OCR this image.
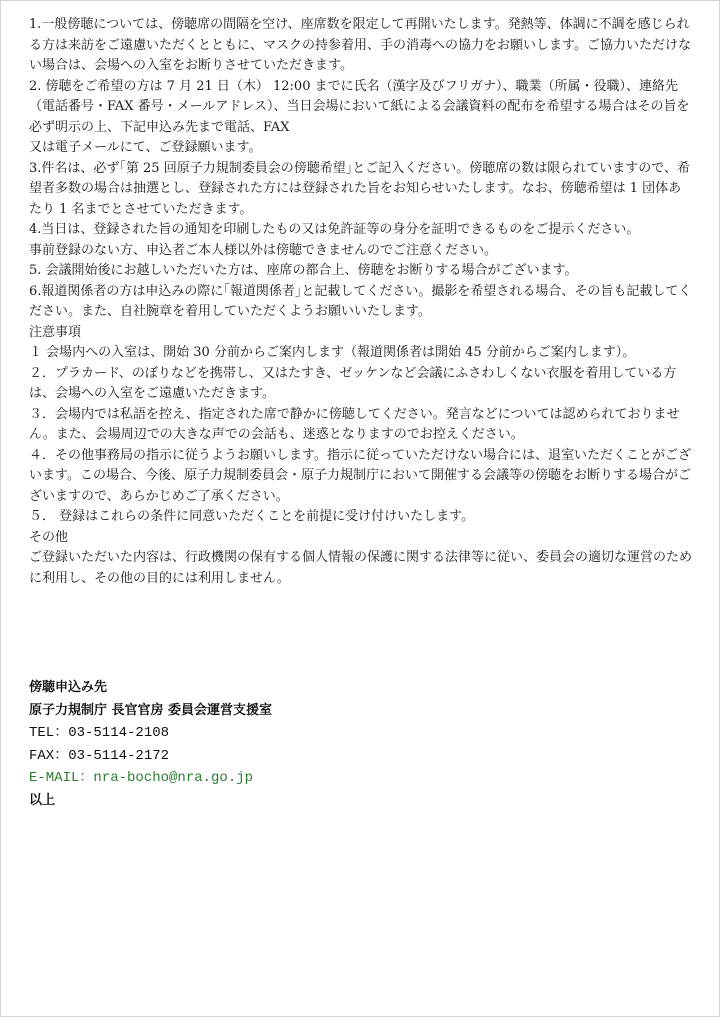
1.一般傍聴については、傍聴席の間隔を空け、座席数を限定して再開いたします。発熱等、体調に不調を感じられる方は来訪をご遠慮いただくとともに、マスクの持参着用、手の消毒への協力をお願いします。ご協力いただけない場合は、会場への入室をお断りさせていただきます。

2. 傍聴をご希望の方は 7 月 21 日（木） 12:00 までに氏名（漢字及びフリガナ）、職業（所属・役職）、連絡先（電話番号・FAX 番号・メールアドレス）、当日会場において紙による会議資料の配布を希望する場合はその旨を必ず明示の上、下記申込み先まで電話、FAX

又は電子メールにて、ご登録願います。

3.件名は、必ず｢第 25 回原子力規制委員会の傍聴希望｣とご記入ください。傍聴席の数は限られていますので、希望者多数の場合は抽選とし、登録された方には登録された旨をお知らせいたします。なお、傍聴希望は 1 団体あたり 1 名までとさせていただきます。

4.当日は、登録された旨の通知を印刷したもの又は免許証等の身分を証明できるものをご提示ください。

事前登録のない方、申込者ご本人様以外は傍聴できませんのでご注意ください。

5. 会議開始後にお越しいただいた方は、座席の都合上、傍聴をお断りする場合がございます。

6.報道関係者の方は申込みの際に｢報道関係者｣と記載してください。撮影を希望される場合、その旨も記載してください。また、自社腕章を着用していただくようお願いいたします。

注意事項

１ 会場内への入室は、開始 30 分前からご案内します（報道関係者は開始 45 分前からご案内します）。

２．プラカード、のぼりなどを携帯し、又はたすき、ゼッケンなど会議にふさわしくない衣服を着用している方は、会場への入室をご遠慮いただきます。

３．会場内では私語を控え、指定された席で静かに傍聴してください。発言などについては認められておりません。また、会場周辺での大きな声での会話も、迷惑となりますのでお控えください。

４．その他事務局の指示に従うようお願いします。指示に従っていただけない場合には、退室いただくことがございます。この場合、今後、原子力規制委員会・原子力規制庁において開催する会議等の傍聴をお断りする場合がございますので、あらかじめご了承ください。

５． 登録はこれらの条件に同意いただくことを前提に受け付けいたします。

その他

ご登録いただいた内容は、行政機関の保有する個人情報の保護に関する法律等に従い、委員会の適切な運営のために利用し、その他の目的には利用しません。

傍聴申込み先
原子力規制庁 長官官房 委員会運営支援室
TEL：03-5114-2108
FAX：03-5114-2172
E-MAIL：nra-bocho@nra.go.jp
以上
